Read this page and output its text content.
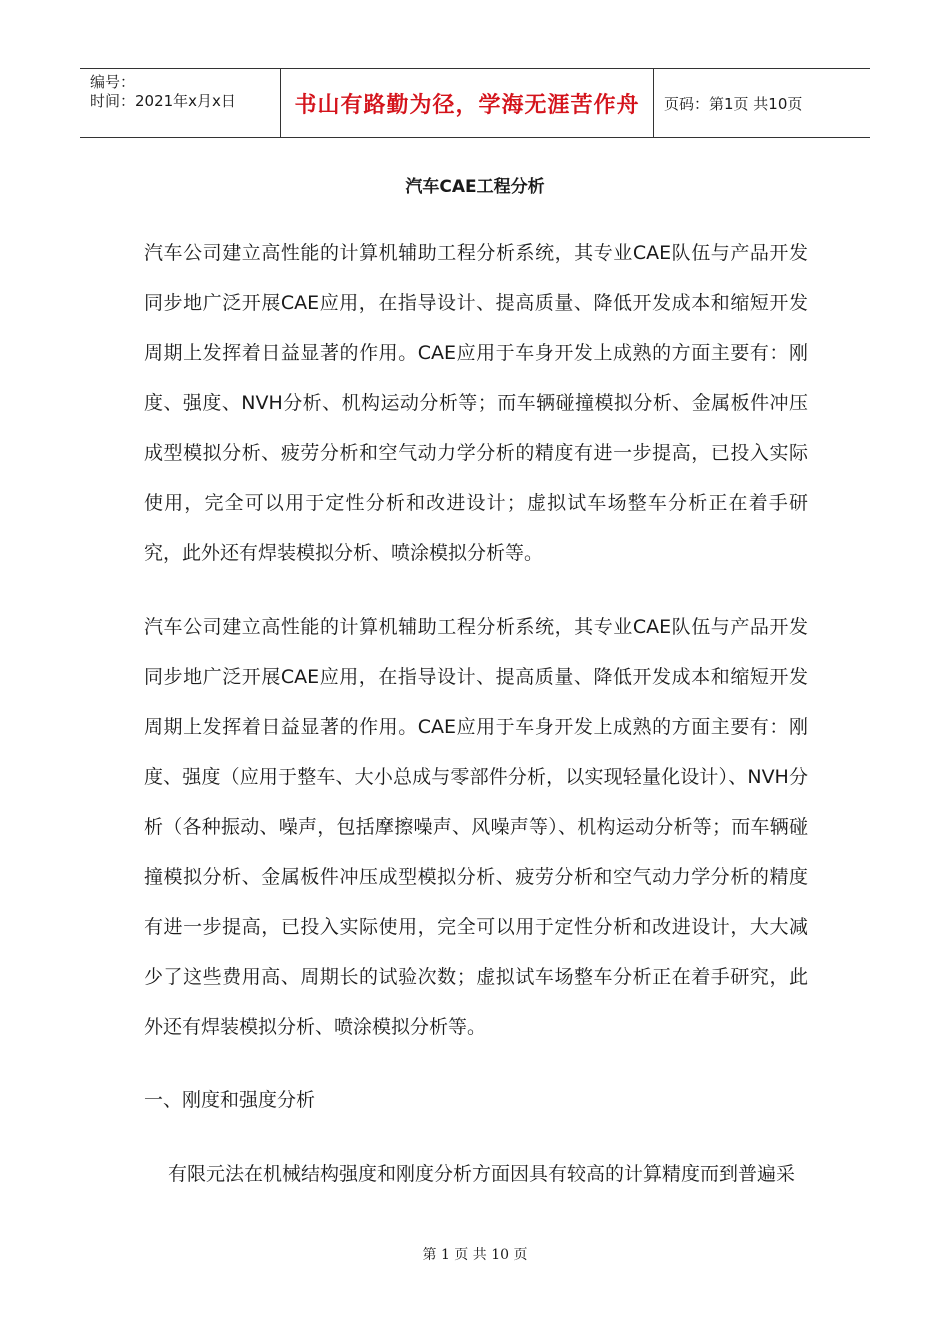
编号：
时间：2021年x月x日	书山有路勤为径，学海无涯苦作舟	页码：第1页 共10页
汽车CAE工程分析

汽车公司建立高性能的计算机辅助工程分析系统，其专业CAE队伍与产品开发同步地广泛开展CAE应用，在指导设计、提高质量、降低开发成本和缩短开发周期上发挥着日益显著的作用。CAE应用于车身开发上成熟的方面主要有：刚度、强度、NVH分析、机构运动分析等；而车辆碰撞模拟分析、金属板件冲压成型模拟分析、疲劳分析和空气动力学分析的精度有进一步提高，已投入实际使用，完全可以用于定性分析和改进设计；虚拟试车场整车分析正在着手研究，此外还有焊装模拟分析、喷涂模拟分析等。

汽车公司建立高性能的计算机辅助工程分析系统，其专业CAE队伍与产品开发同步地广泛开展CAE应用，在指导设计、提高质量、降低开发成本和缩短开发周期上发挥着日益显著的作用。CAE应用于车身开发上成熟的方面主要有：刚度、强度（应用于整车、大小总成与零部件分析，以实现轻量化设计）、NVH分析（各种振动、噪声，包括摩擦噪声、风噪声等）、机构运动分析等；而车辆碰撞模拟分析、金属板件冲压成型模拟分析、疲劳分析和空气动力学分析的精度有进一步提高，已投入实际使用，完全可以用于定性分析和改进设计，大大减少了这些费用高、周期长的试验次数；虚拟试车场整车分析正在着手研究，此外还有焊装模拟分析、喷涂模拟分析等。

一、刚度和强度分析

有限元法在机械结构强度和刚度分析方面因具有较高的计算精度而到普遍采

第 1 页 共 10 页
